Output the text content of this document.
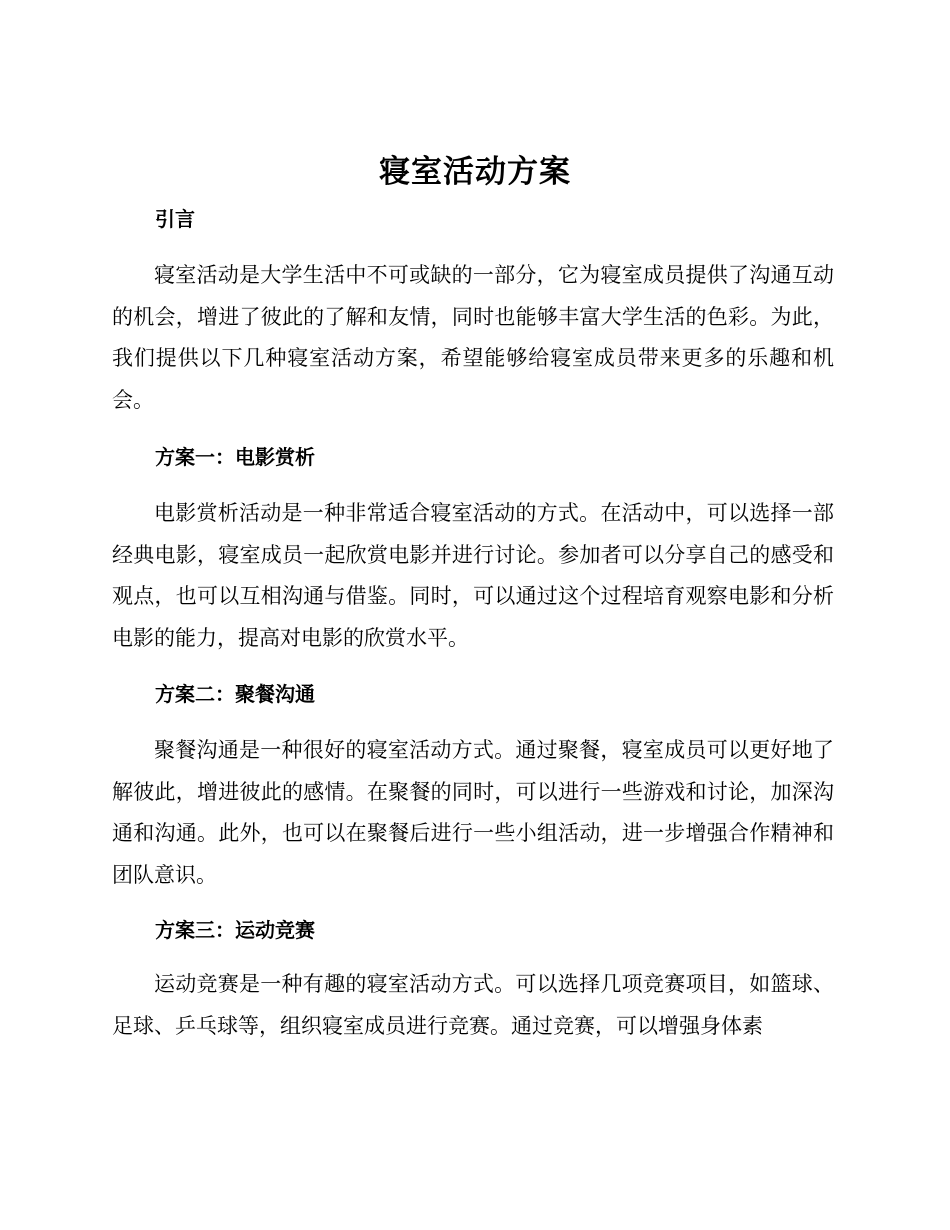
寝室活动方案
引言
寝室活动是大学生活中不可或缺的一部分，它为寝室成员提供了沟通互动的机会，增进了彼此的了解和友情，同时也能够丰富大学生活的色彩。为此，我们提供以下几种寝室活动方案，希望能够给寝室成员带来更多的乐趣和机会。
方案一：电影赏析
电影赏析活动是一种非常适合寝室活动的方式。在活动中，可以选择一部经典电影，寝室成员一起欣赏电影并进行讨论。参加者可以分享自己的感受和观点，也可以互相沟通与借鉴。同时，可以通过这个过程培育观察电影和分析电影的能力，提高对电影的欣赏水平。
方案二：聚餐沟通
聚餐沟通是一种很好的寝室活动方式。通过聚餐，寝室成员可以更好地了解彼此，增进彼此的感情。在聚餐的同时，可以进行一些游戏和讨论，加深沟通和沟通。此外，也可以在聚餐后进行一些小组活动，进一步增强合作精神和团队意识。
方案三：运动竞赛
运动竞赛是一种有趣的寝室活动方式。可以选择几项竞赛项目，如篮球、足球、乒乓球等，组织寝室成员进行竞赛。通过竞赛，可以增强身体素
